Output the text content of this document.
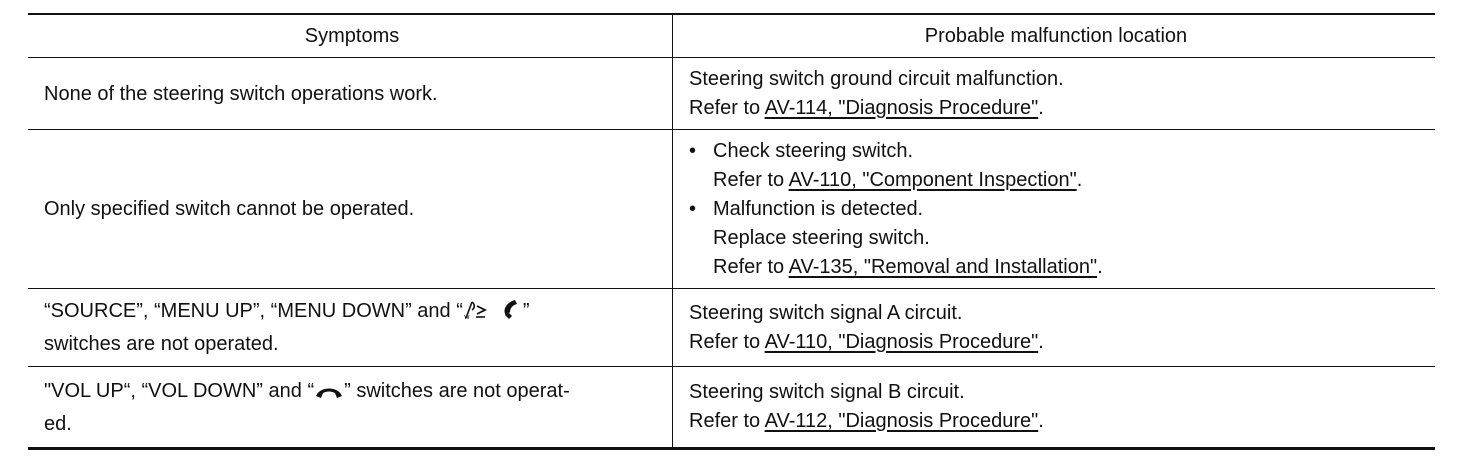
Symptoms	Probable malfunction location
None of the steering switch operations work.
Steering switch ground circuit malfunction.
Refer to AV-114, "Diagnosis Procedure".
Only specified switch cannot be operated.
• Check steering switch.
Refer to AV-110, "Component Inspection".
• Malfunction is detected.
Replace steering switch.
Refer to AV-135, "Removal and Installation".
“SOURCE”, “MENU UP”, “MENU DOWN” and “ w	”
switches are not operated.
Steering switch signal A circuit.
Refer to AV-110, "Diagnosis Procedure".
"VOL UP“, “VOL DOWN” and “ ” switches are not operat-
ed.
Steering switch signal B circuit.
Refer to AV-112, "Diagnosis Procedure".
